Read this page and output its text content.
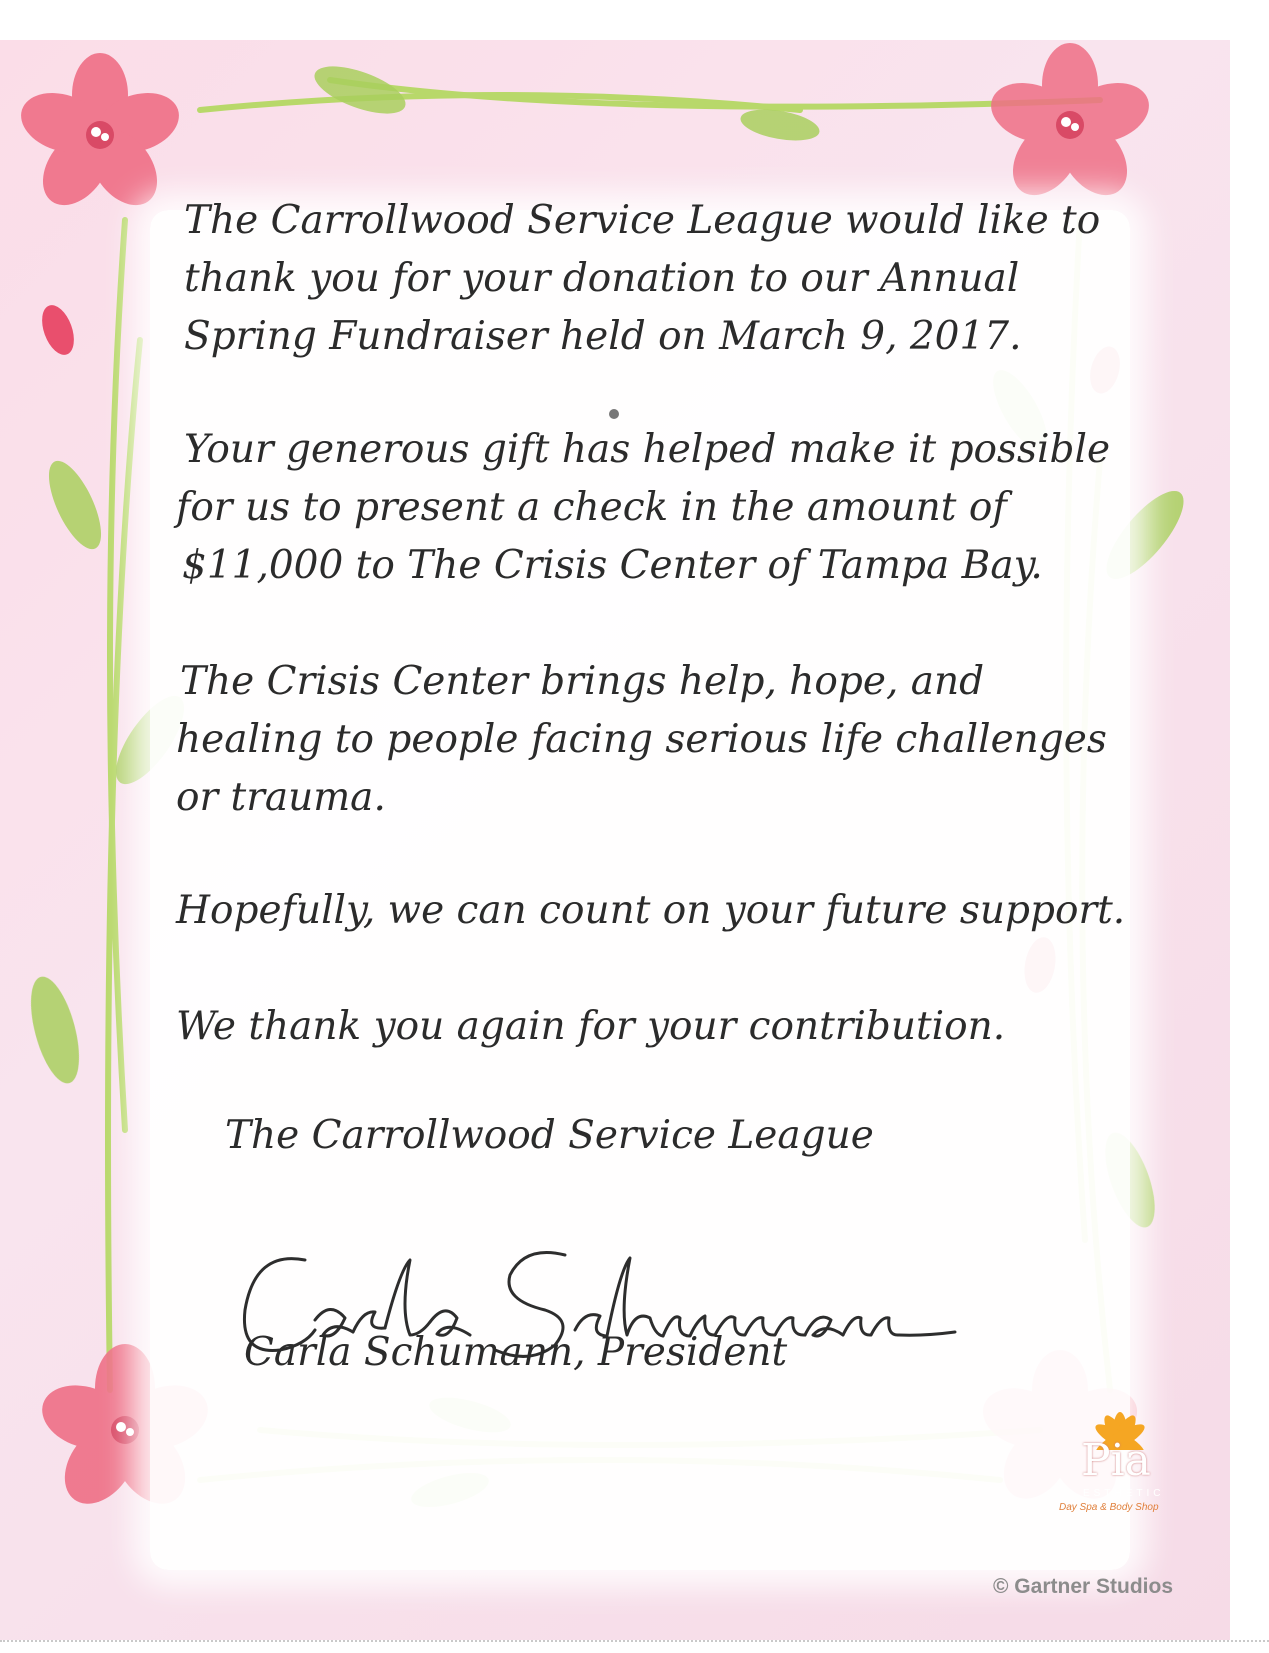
The Carrollwood Service League would like to
thank you for your donation to our Annual
Spring Fundraiser held on March 9, 2017.
Your generous gift has helped make it possible
for us to present a check in the amount of
$11,000 to The Crisis Center of Tampa Bay.
The Crisis Center brings help, hope, and
healing to people facing serious life challenges
or trauma.
Hopefully, we can count on your future support.
We thank you again for your contribution.
The Carrollwood Service League
Carla Schumann, President
Pia
ESTHETIC
Day Spa & Body Shop
© Gartner Studios
